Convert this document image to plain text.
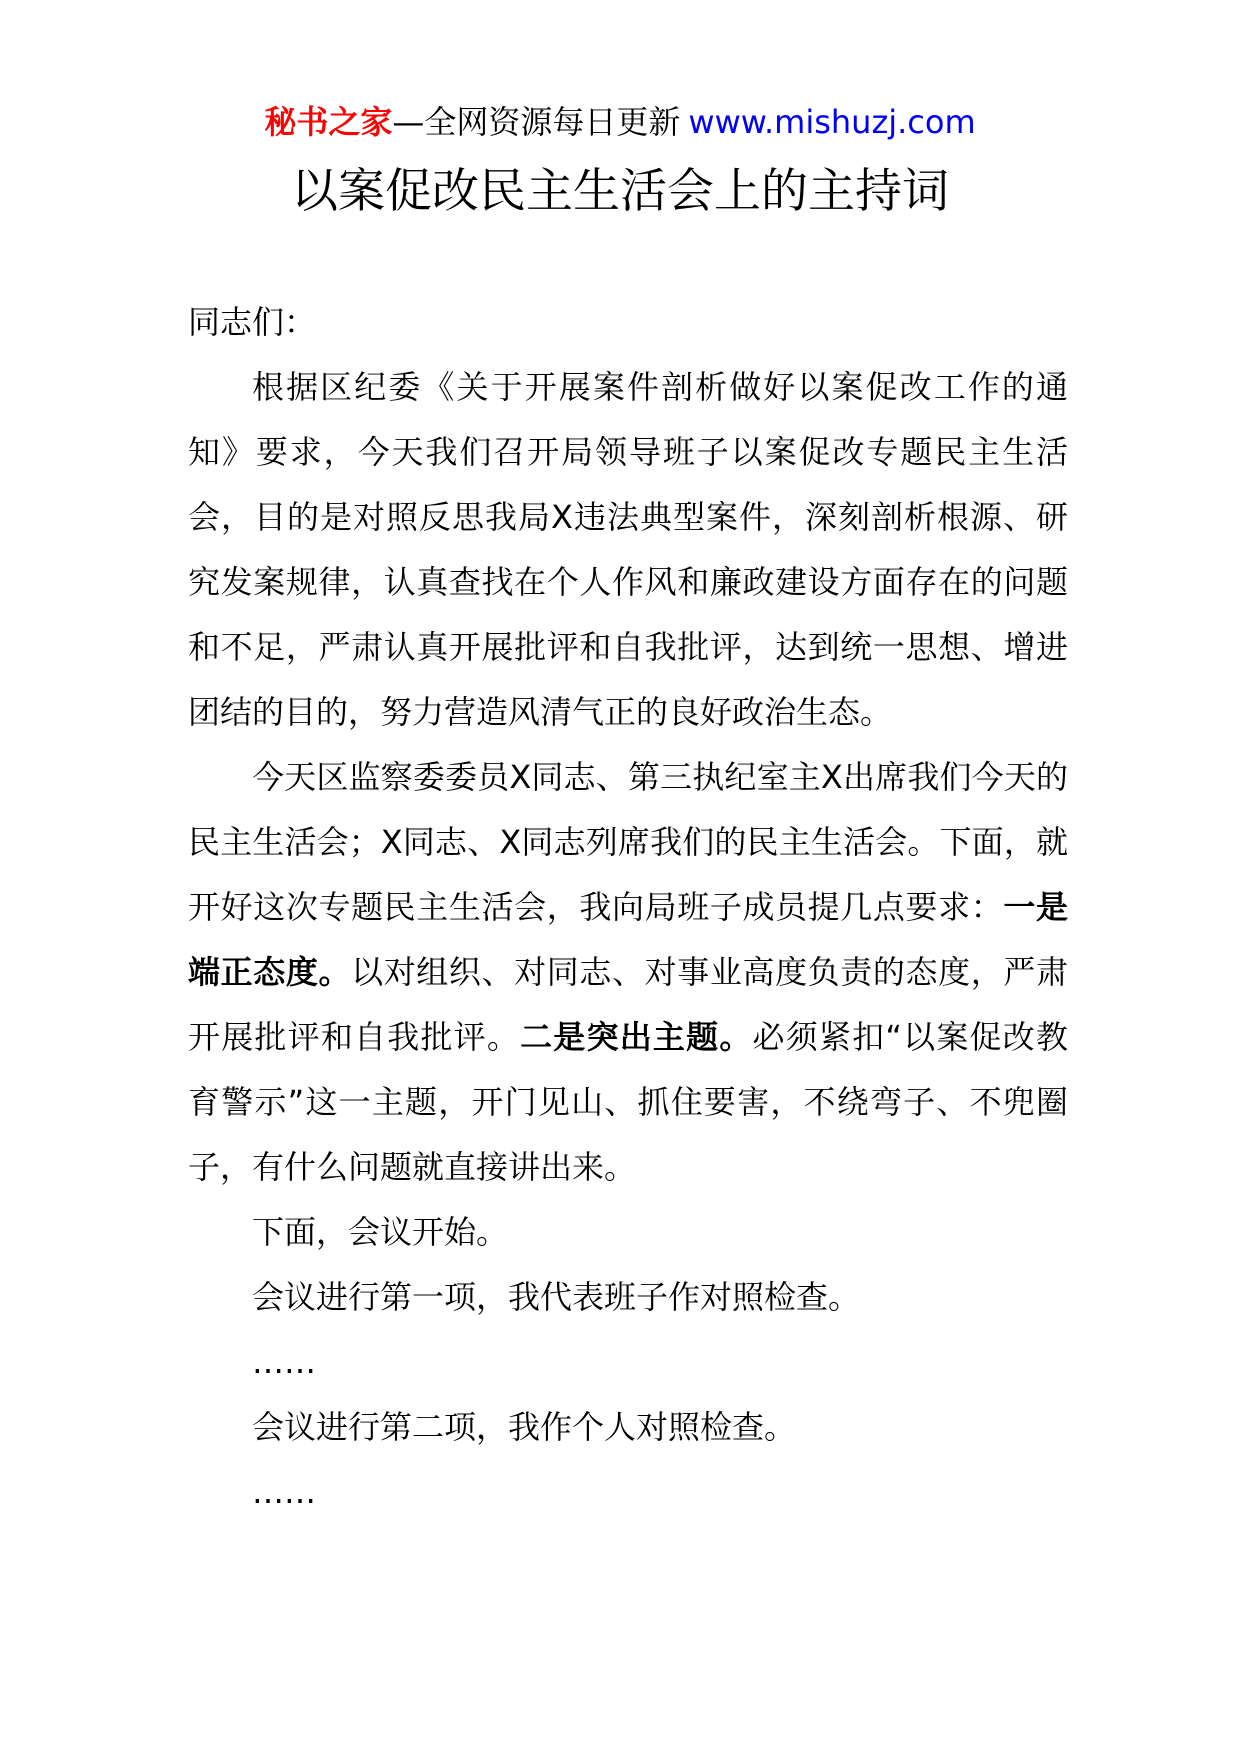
秘书之家—全网资源每日更新 www.mishuzj.com
以案促改民主生活会上的主持词

同志们：

根据区纪委《关于开展案件剖析做好以案促改工作的通知》要求，今天我们召开局领导班子以案促改专题民主生活会，目的是对照反思我局X违法典型案件，深刻剖析根源、研究发案规律，认真查找在个人作风和廉政建设方面存在的问题和不足，严肃认真开展批评和自我批评，达到统一思想、增进团结的目的，努力营造风清气正的良好政治生态。

今天区监察委委员X同志、第三执纪室主X出席我们今天的民主生活会；X同志、X同志列席我们的民主生活会。下面，就开好这次专题民主生活会，我向局班子成员提几点要求：一是端正态度。以对组织、对同志、对事业高度负责的态度，严肃开展批评和自我批评。二是突出主题。必须紧扣“以案促改教育警示”这一主题，开门见山、抓住要害，不绕弯子、不兜圈子，有什么问题就直接讲出来。

下面，会议开始。

会议进行第一项，我代表班子作对照检查。

……

会议进行第二项，我作个人对照检查。

……
